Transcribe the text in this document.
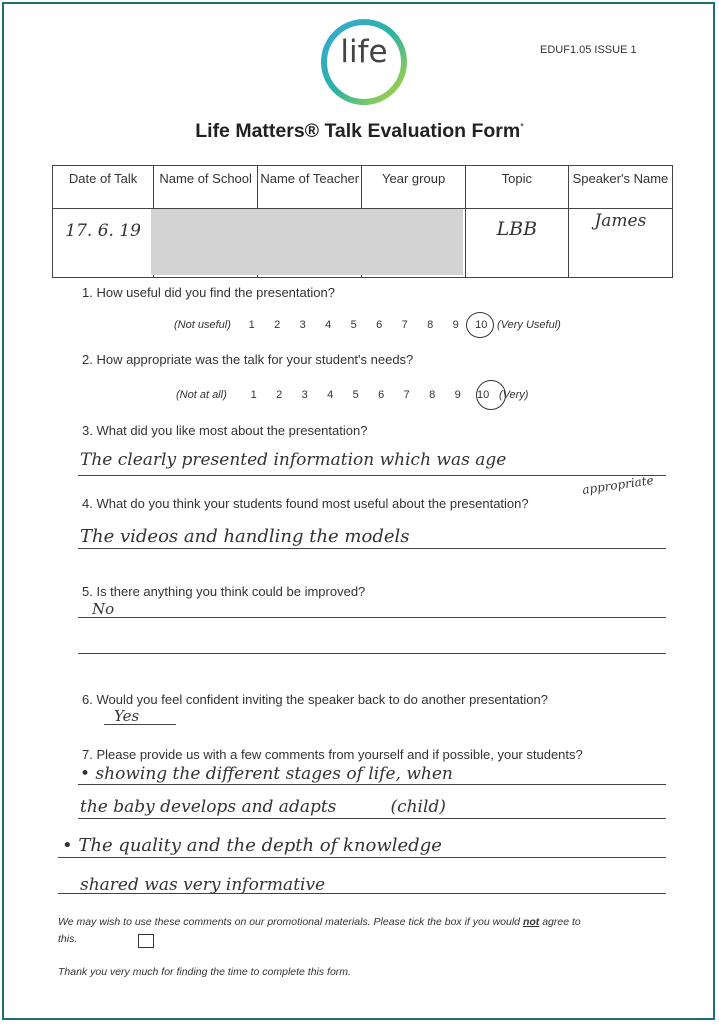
life	EDUF1.05 ISSUE 1
Life Matters® Talk Evaluation Form*
Date of Talk	Name of School	Name of Teacher	Year group	Topic	Speaker's Name
17. 6. 19				LBB	James
1. How useful did you find the presentation?
(Not useful) 1 2 3 4 5 6 7 8 9 10 (Very Useful)
2. How appropriate was the talk for your student's needs?
(Not at all) 1 2 3 4 5 6 7 8 9 10 (Very)
3. What did you like most about the presentation?
The clearly presented information which was age
4. What do you think your students found most useful about the presentation?
appropriate
The videos and handling the models
5. Is there anything you think could be improved?
No
6. Would you feel confident inviting the speaker back to do another presentation?
Yes
7. Please provide us with a few comments from yourself and if possible, your students?
• showing the different stages of life, when
the baby develops and adapts          (child)
• The quality and the depth of knowledge
shared was very informative
We may wish to use these comments on our promotional materials. Please tick the box if you would not agree to
this.
Thank you very much for finding the time to complete this form.
